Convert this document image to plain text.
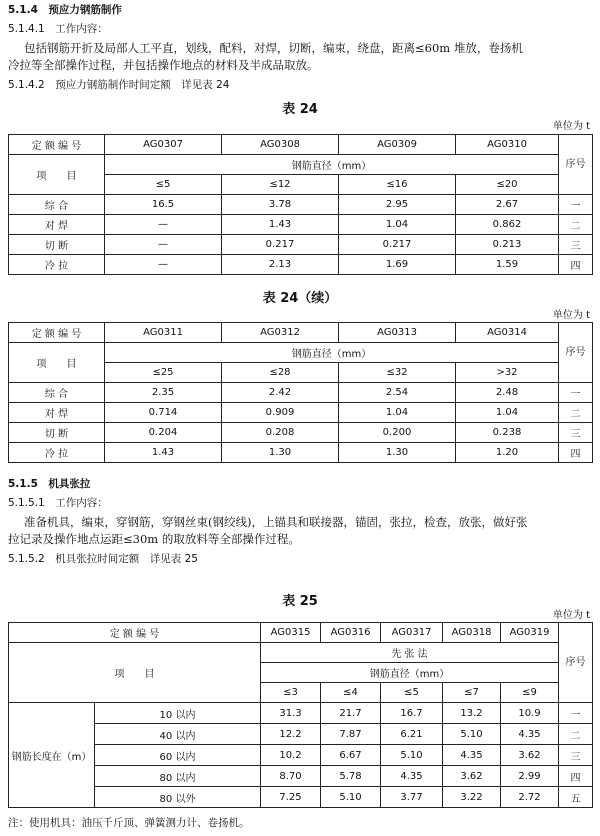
5.1.4　预应力钢筋制作
5.1.4.1　工作内容：
包括钢筋开折及局部人工平直，划线，配料，对焊，切断，编束，绕盘，距离≤60m 堆放，卷扬机
冷拉等全部操作过程，并包括操作地点的材料及半成品取放。
5.1.4.2　预应力钢筋制作时间定额　详见表 24
表 24
单位为 t
定 额 编 号	AG0307	AG0308	AG0309	AG0310	序号
项　　目	钢筋直径（mm）				
	≤5	≤12	≤16	≤20	
综 合	16.5	3.78	2.95	2.67	一
对 焊	—	1.43	1.04	0.862	二
切 断	—	0.217	0.217	0.213	三
冷 拉	—	2.13	1.69	1.59	四
表 24（续）
单位为 t
定 额 编 号	AG0311	AG0312	AG0313	AG0314	序号
项　　目	钢筋直径（mm）				
	≤25	≤28	≤32	>32	
综 合	2.35	2.42	2.54	2.48	一
对 焊	0.714	0.909	1.04	1.04	二
切 断	0.204	0.208	0.200	0.238	三
冷 拉	1.43	1.30	1.30	1.20	四
5.1.5　机具张拉
5.1.5.1　工作内容：
准备机具，编束，穿钢筋，穿钢丝束(钢绞线)，上锚具和联接器，锚固，张拉，检查，放张，做好张
拉记录及操作地点运距≤30m 的取放料等全部操作过程。
5.1.5.2　机具张拉时间定额　详见表 25
表 25
单位为 t
定 额 编 号		AG0315	AG0316	AG0317	AG0318	AG0319	序号
项　　目		先 张 法					
		钢筋直径（mm）					
		≤3	≤4	≤5	≤7	≤9	
钢筋长度在（m）	10 以内	31.3	21.7	16.7	13.2	10.9	一
	40 以内	12.2	7.87	6.21	5.10	4.35	二
	60 以内	10.2	6.67	5.10	4.35	3.62	三
	80 以内	8.70	5.78	4.35	3.62	2.99	四
	80 以外	7.25	5.10	3.77	3.22	2.72	五
注：使用机具：油压千斤顶、弹簧测力计、卷扬机。
